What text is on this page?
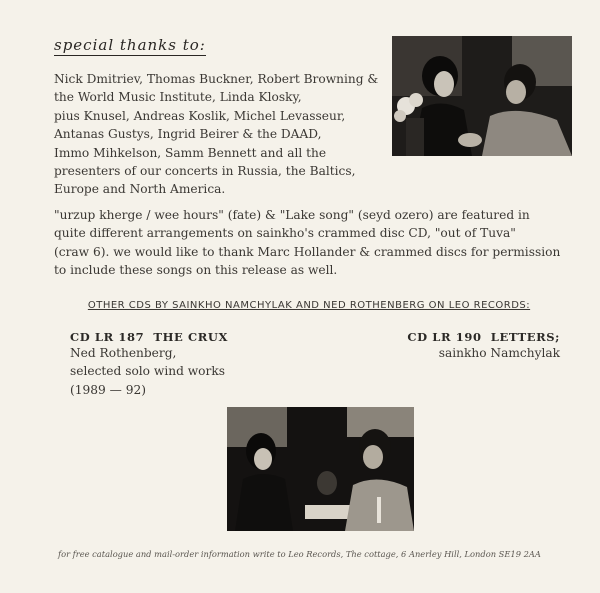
special thanks to:
Nick Dmitriev, Thomas Buckner, Robert Browning &
the World Music Institute, Linda Klosky,
pius Knusel, Andreas Koslik, Michel Levasseur,
Antanas Gustys, Ingrid Beirer & the DAAD,
Immo Mihkelson, Samm Bennett and all the
presenters of our concerts in Russia, the Baltics,
Europe and North America.
"urzup kherge / wee hours" (fate) & "Lake song" (seyd ozero) are featured in
quite different arrangements on sainkho's crammed disc CD, "out of Tuva"
(craw 6). we would like to thank Marc Hollander & crammed discs for permission
to include these songs on this release as well.
OTHER CDS BY SAINKHO NAMCHYLAK AND NED ROTHENBERG ON LEO RECORDS:
CD LR 187 THE CRUX
Ned Rothenberg,
selected solo wind works
(1989 — 92)
CD LR 190 LETTERS;
sainkho Namchylak
for free catalogue and mail-order information write to Leo Records, The cottage, 6 Anerley Hill, London SE19 2AA
